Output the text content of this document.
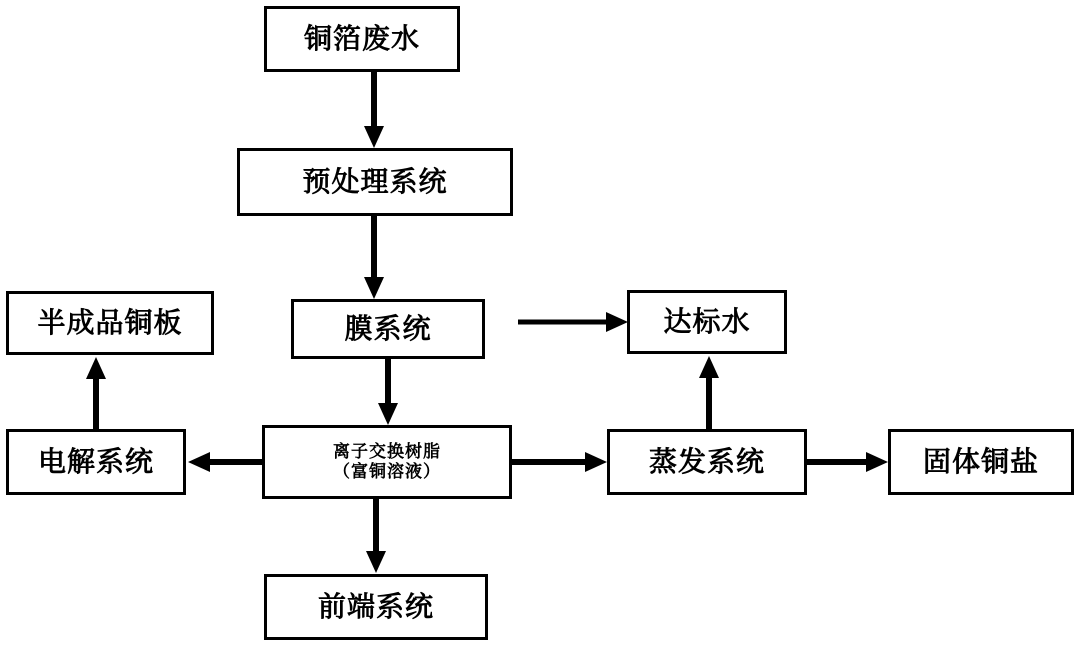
铜箔废水
预处理系统
膜系统
半成品铜板	达标水
电解系统	离子交换树脂
（富铜溶液）	蒸发系统	固体铜盐
前端系统
